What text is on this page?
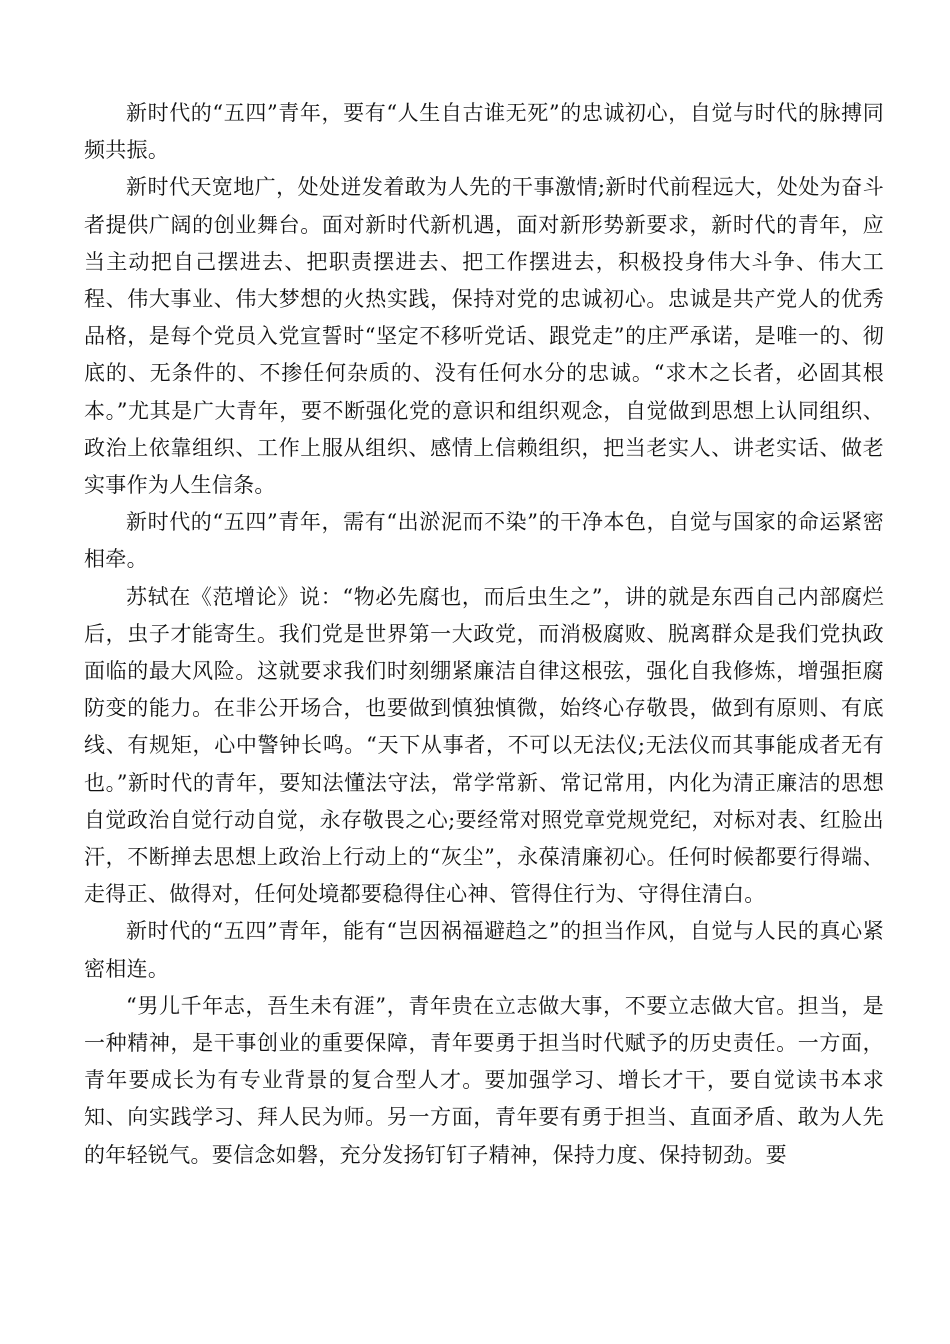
新时代的“五四”青年，要有“人生自古谁无死”的忠诚初心，自觉与时代的脉搏同频共振。

新时代天宽地广，处处迸发着敢为人先的干事激情;新时代前程远大，处处为奋斗者提供广阔的创业舞台。面对新时代新机遇，面对新形势新要求，新时代的青年，应当主动把自己摆进去、把职责摆进去、把工作摆进去，积极投身伟大斗争、伟大工程、伟大事业、伟大梦想的火热实践，保持对党的忠诚初心。忠诚是共产党人的优秀品格，是每个党员入党宣誓时“坚定不移听党话、跟党走”的庄严承诺，是唯一的、彻底的、无条件的、不掺任何杂质的、没有任何水分的忠诚。“求木之长者，必固其根本。”尤其是广大青年，要不断强化党的意识和组织观念，自觉做到思想上认同组织、政治上依靠组织、工作上服从组织、感情上信赖组织，把当老实人、讲老实话、做老实事作为人生信条。

新时代的“五四”青年，需有“出淤泥而不染”的干净本色，自觉与国家的命运紧密相牵。

苏轼在《范增论》说：“物必先腐也，而后虫生之”，讲的就是东西自己内部腐烂后，虫子才能寄生。我们党是世界第一大政党，而消极腐败、脱离群众是我们党执政面临的最大风险。这就要求我们时刻绷紧廉洁自律这根弦，强化自我修炼，增强拒腐防变的能力。在非公开场合，也要做到慎独慎微，始终心存敬畏，做到有原则、有底线、有规矩，心中警钟长鸣。“天下从事者，不可以无法仪;无法仪而其事能成者无有也。”新时代的青年，要知法懂法守法，常学常新、常记常用，内化为清正廉洁的思想自觉政治自觉行动自觉，永存敬畏之心;要经常对照党章党规党纪，对标对表、红脸出汗，不断掸去思想上政治上行动上的“灰尘”，永葆清廉初心。任何时候都要行得端、走得正、做得对，任何处境都要稳得住心神、管得住行为、守得住清白。

新时代的“五四”青年，能有“岂因祸福避趋之”的担当作风，自觉与人民的真心紧密相连。

“男儿千年志，吾生未有涯”，青年贵在立志做大事，不要立志做大官。担当，是一种精神，是干事创业的重要保障，青年要勇于担当时代赋予的历史责任。一方面，青年要成长为有专业背景的复合型人才。要加强学习、增长才干，要自觉读书本求知、向实践学习、拜人民为师。另一方面，青年要有勇于担当、直面矛盾、敢为人先的年轻锐气。要信念如磐，充分发扬钉钉子精神，保持力度、保持韧劲。要
